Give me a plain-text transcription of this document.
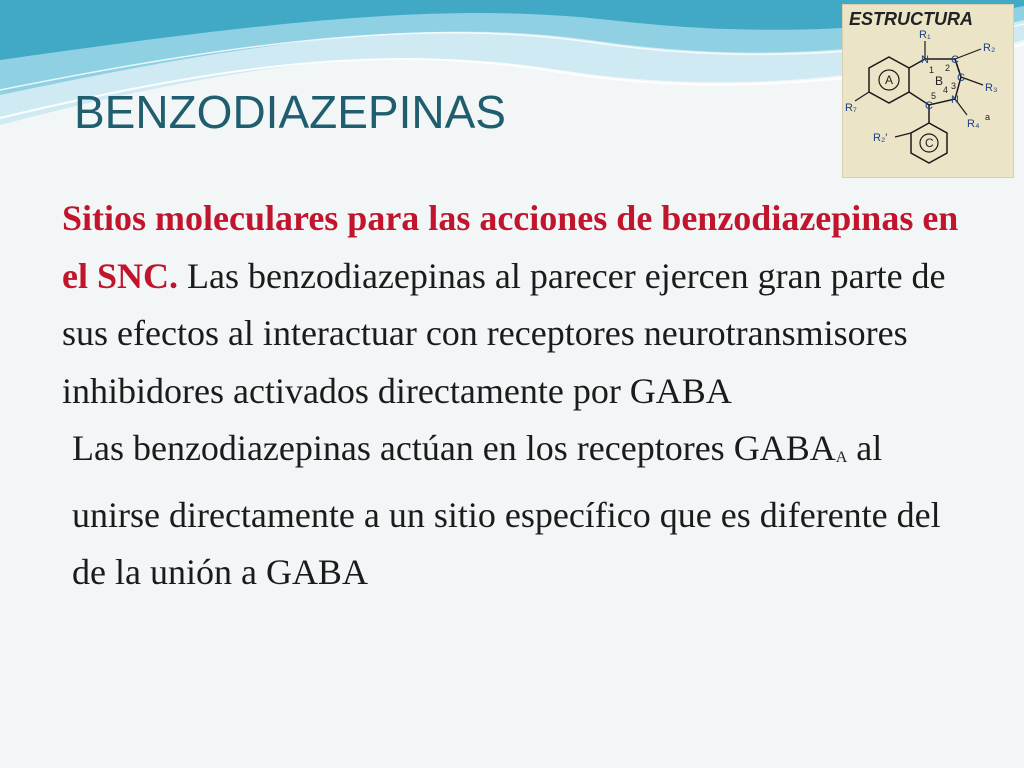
BENZODIAZEPINAS
A	B
C
N C
C
N
C
1 2
3
4
5
R₁
R₂
R₃
R₄
a
R₇
R₂′
ESTRUCTURA

Sitios moleculares para las acciones de benzodiazepinas en el SNC. Las benzodiazepinas al parecer ejercen gran parte de sus efectos al interactuar con receptores neurotransmisores inhibidores activados directamente por GABA

Las benzodiazepinas actúan en los receptores GABAA al unirse directamente a un sitio específico que es diferente del de la unión a GABA
